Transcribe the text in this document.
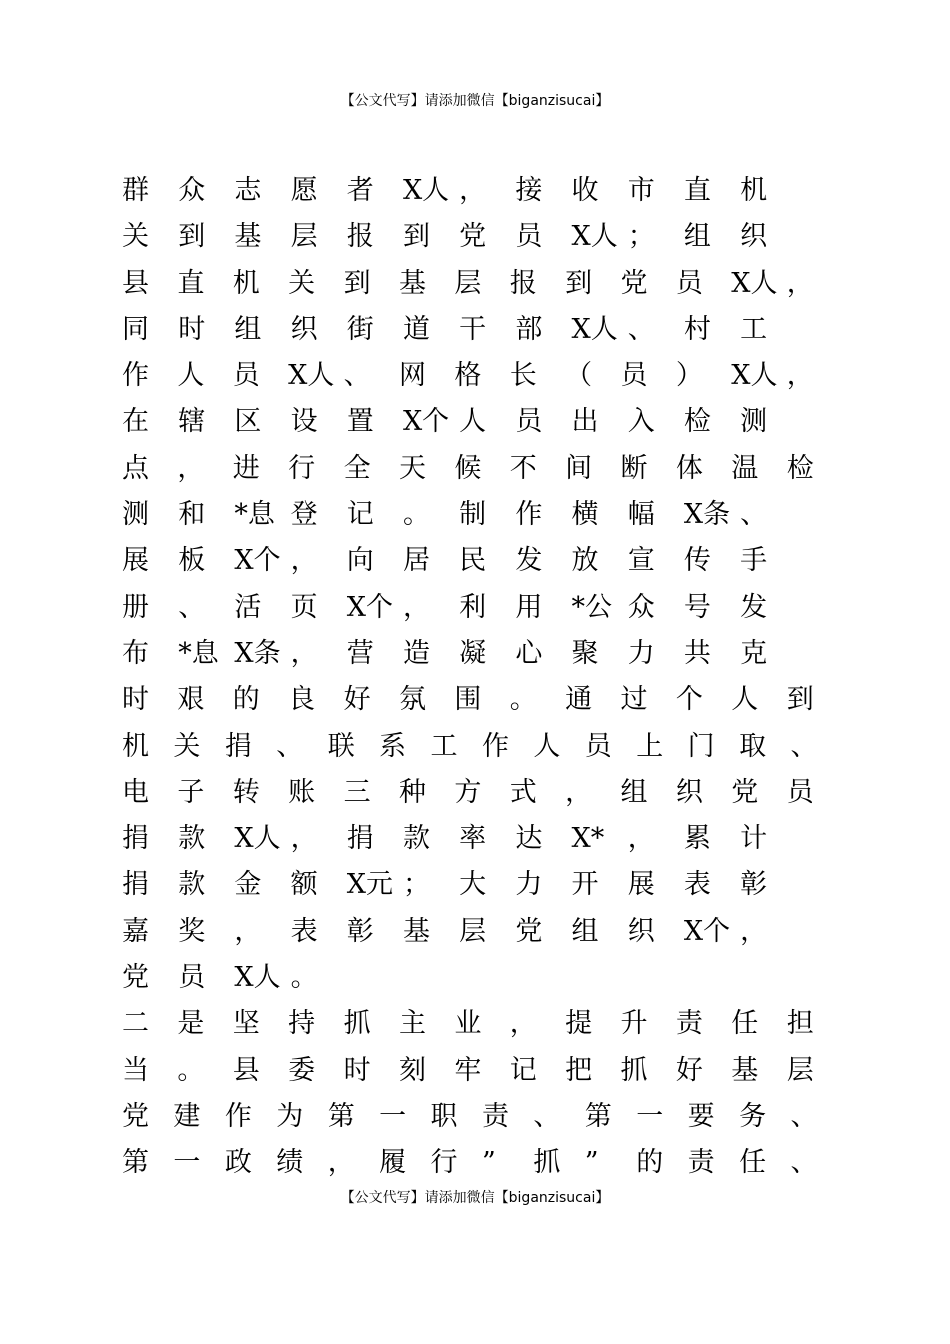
【公文代写】请添加微信【biganzisucai】
群	众	志	愿	者	X人 ，	接	收	市	直	机
关	到	基	层	报	到	党	员	X人 ；	组	织
县	直	机	关	到	基	层	报	到	党	员	X人 ，
同	时	组	织	街	道	干	部	X人 、	村	工
作	人	员	X人 、	网	格	长	（	员	）	X人 ，
在	辖	区	设	置	X个 人	员	出	入	检	测
点	，	进	行	全	天	候	不	间	断	体	温	检
测	和	*息 登	记	。	制	作	横	幅	X条 、
展	板	X个 ，	向	居	民	发	放	宣	传	手
册	、	活	页	X个 ，	利	用	*公 众	号	发
布	*息 X条 ，	营	造	凝	心	聚	力	共	克
时	艰	的	良	好	氛	围	。	通	过	个	人	到
机 关 捐 、 联 系 工 作 人 员 上 门 取 、
电	子	转	账	三	种	方	式	，	组	织	党	员
捐	款	X人 ，	捐	款	率	达	X* ，	累	计
捐	款	金	额	X元 ；	大	力	开	展	表	彰
嘉	奖	，	表	彰	基	层	党	组	织	X个 ，
党	员	X人 。
二	是	坚	持	抓	主	业	，	提	升	责	任	担
当	。	县	委	时	刻	牢	记	把	抓	好	基	层
党 建 作 为 第 一 职 责 、 第 一 要 务 、
第 一 政 绩 ， 履 行 ”	抓 ”	的 责 任 、
【公文代写】请添加微信【biganzisucai】
